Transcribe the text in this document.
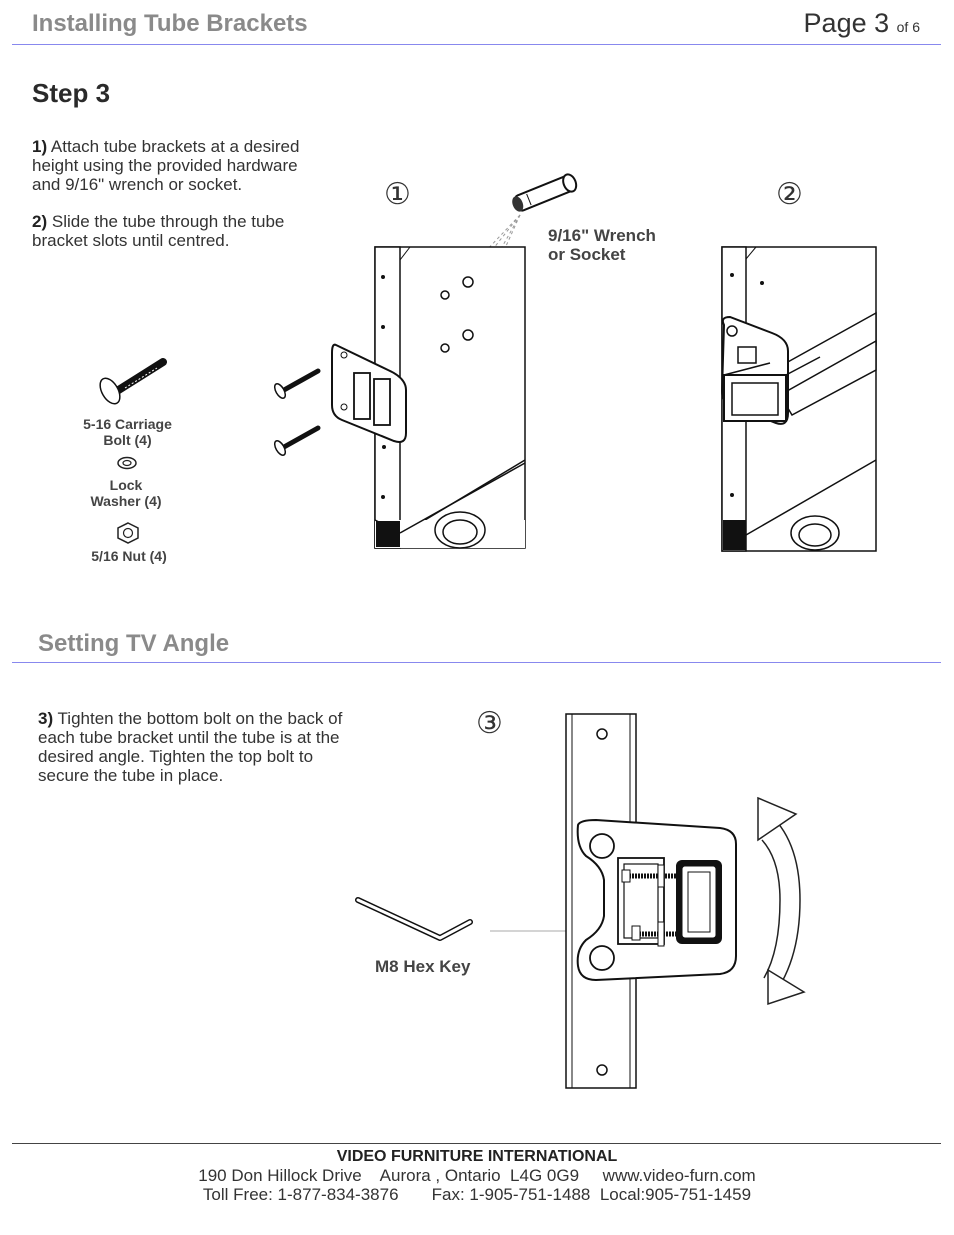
Installing Tube Brackets	Page 3 of 6
Step 3
1) Attach tube brackets at a desired
height using the provided hardware
and 9/16" wrench or socket.
2) Slide the tube through the tube
bracket slots until centred.
5-16 Carriage
Bolt (4)
Lock
Washer (4)
5/16 Nut (4)
①
9/16" Wrench
or Socket
②
Setting TV Angle
3) Tighten the bottom bolt on the back of
each tube bracket until the tube is at the
desired angle. Tighten the top bolt to
secure the tube in place.
③
M8 Hex Key
VIDEO FURNITURE INTERNATIONAL
190 Don Hillock Drive    Aurora , Ontario  L4G 0G9     www.video-furn.com
Toll Free: 1-877-834-3876       Fax: 1-905-751-1488  Local:905-751-1459
